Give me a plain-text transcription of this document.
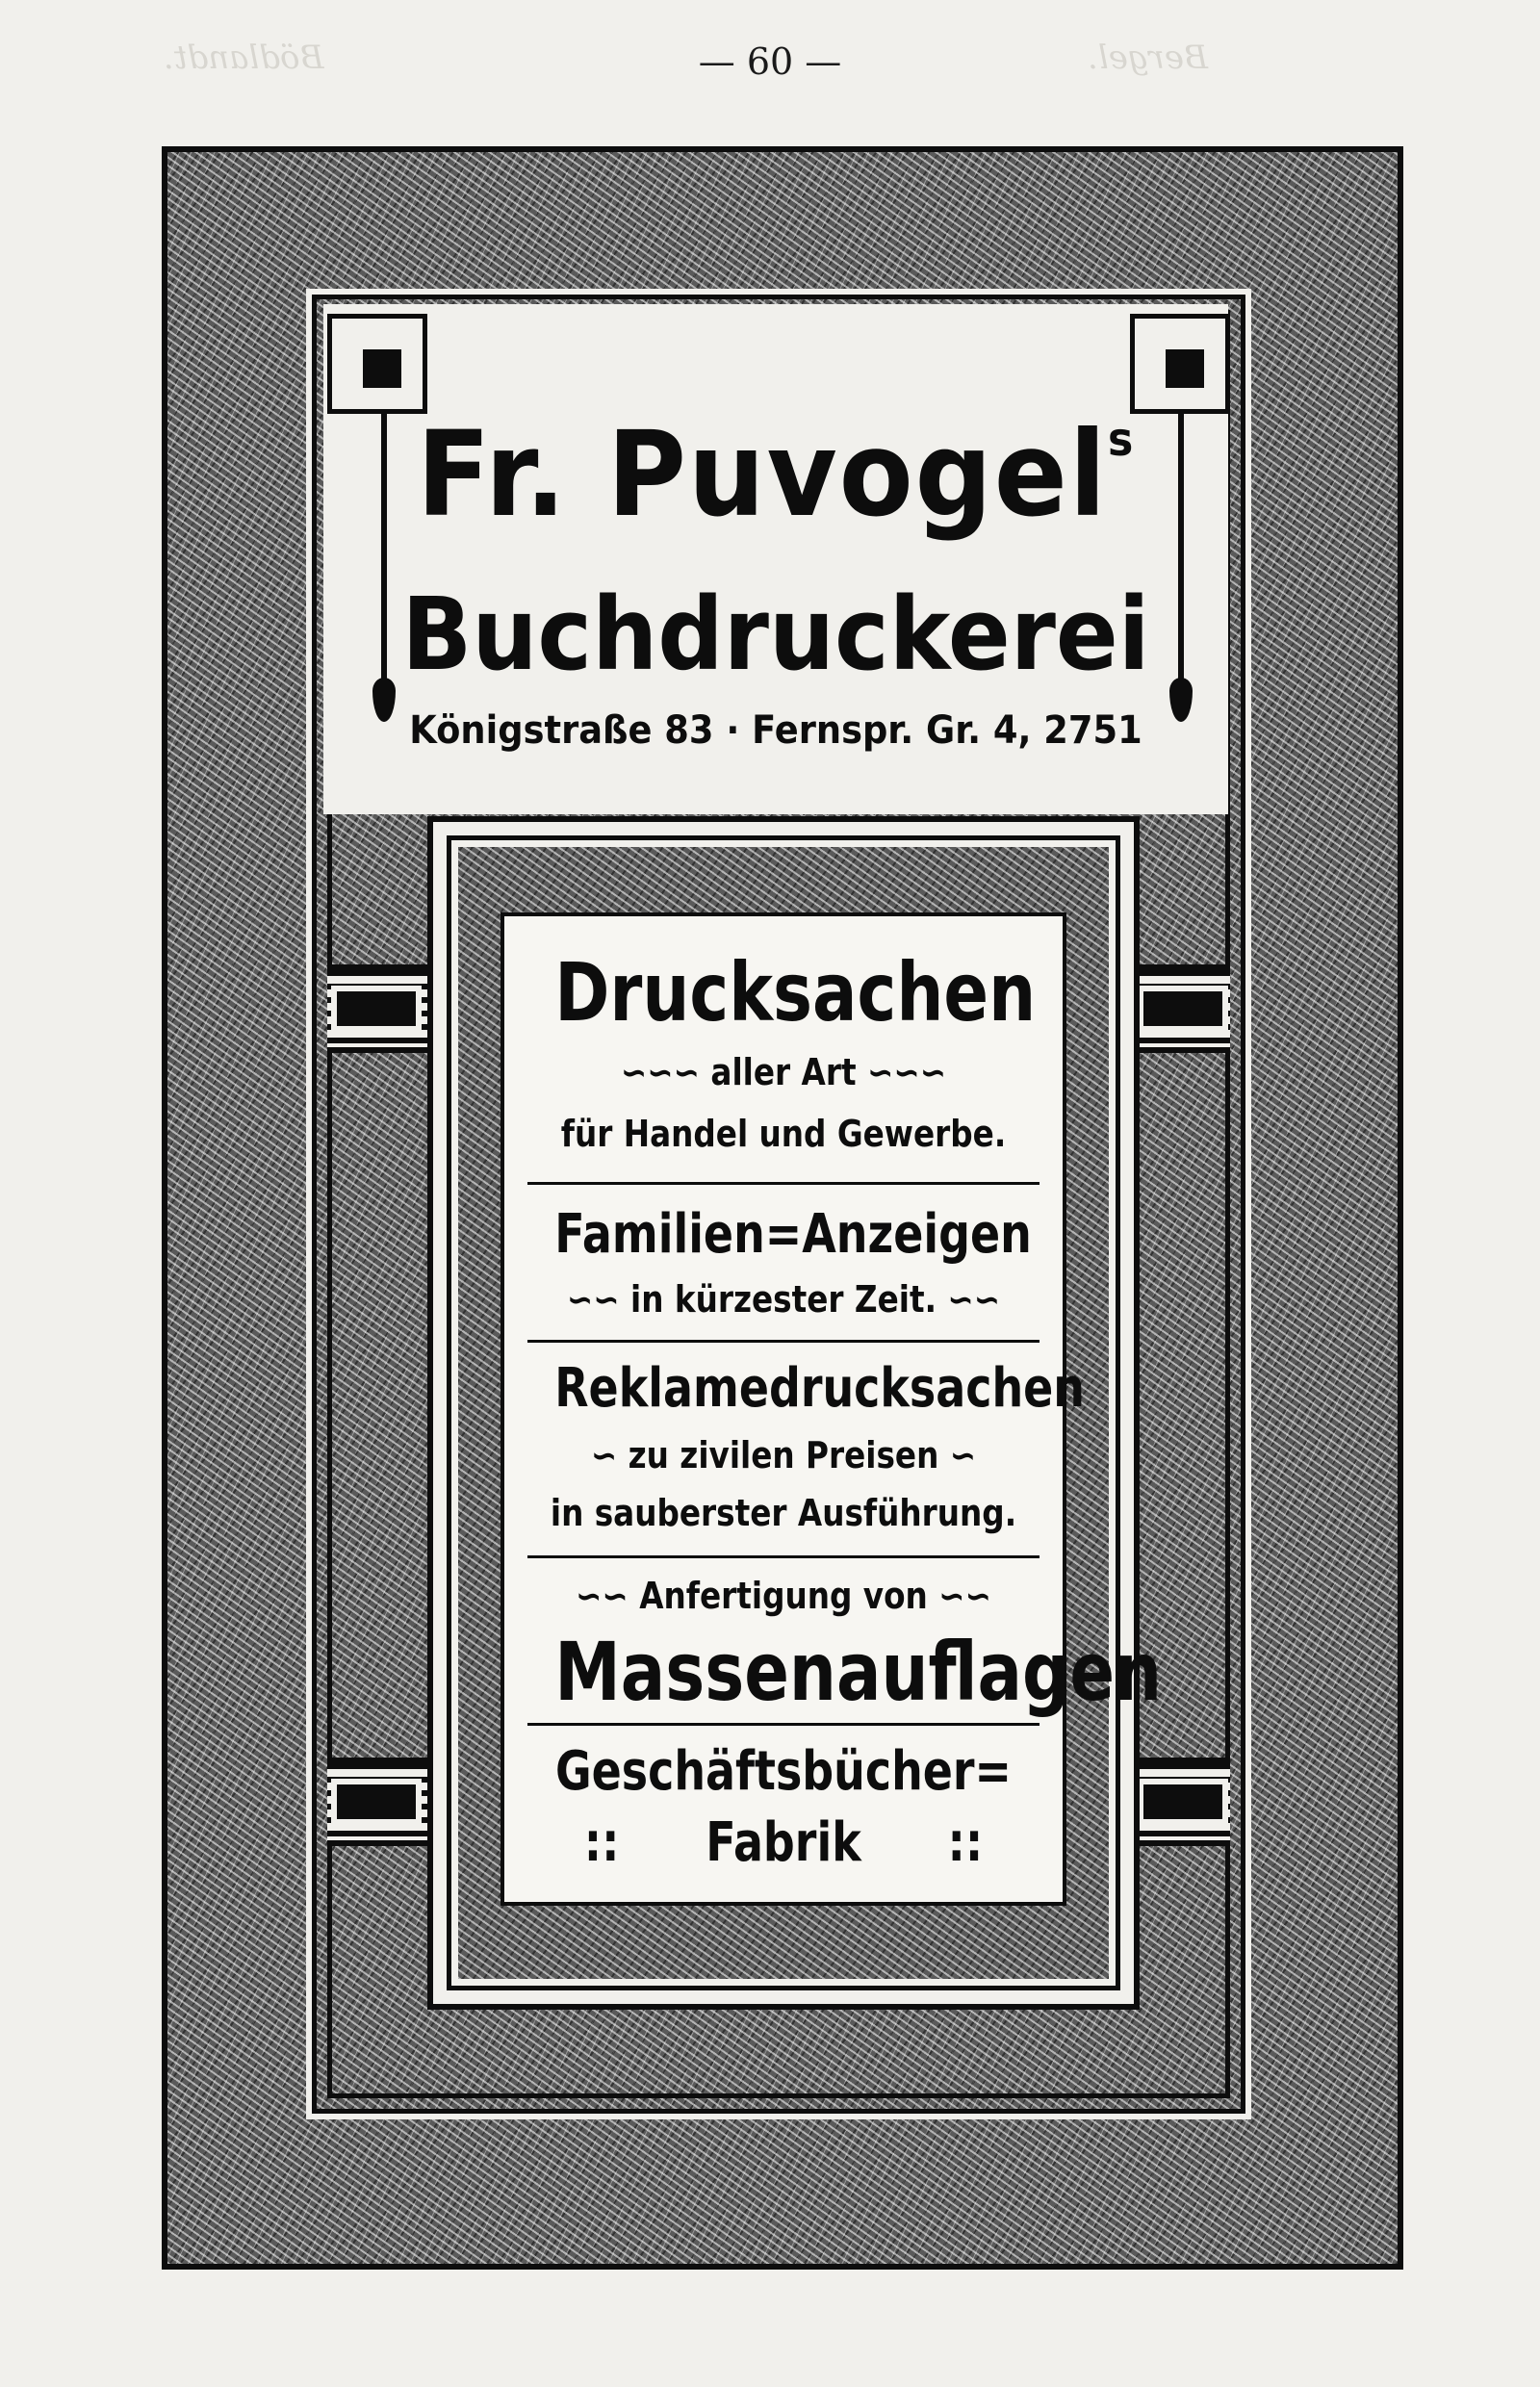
Bödlandt.	Bergel.
— 60 —
Fr. Puvogel$^s$
Buchdruckerei
Königstraße 83 · Fernspr. Gr. 4, 2751
Drucksachen
∽∽∽ aller Art ∽∽∽
für Handel und Gewerbe.
Familien=Anzeigen
∽∽ in kürzester Zeit. ∽∽
Reklamedrucksachen
∽ zu zivilen Preisen ∽
in sauberster Ausführung.
∽∽ Anfertigung von ∽∽
Massenauflagen
Geschäftsbücher=
:: Fabrik ::
